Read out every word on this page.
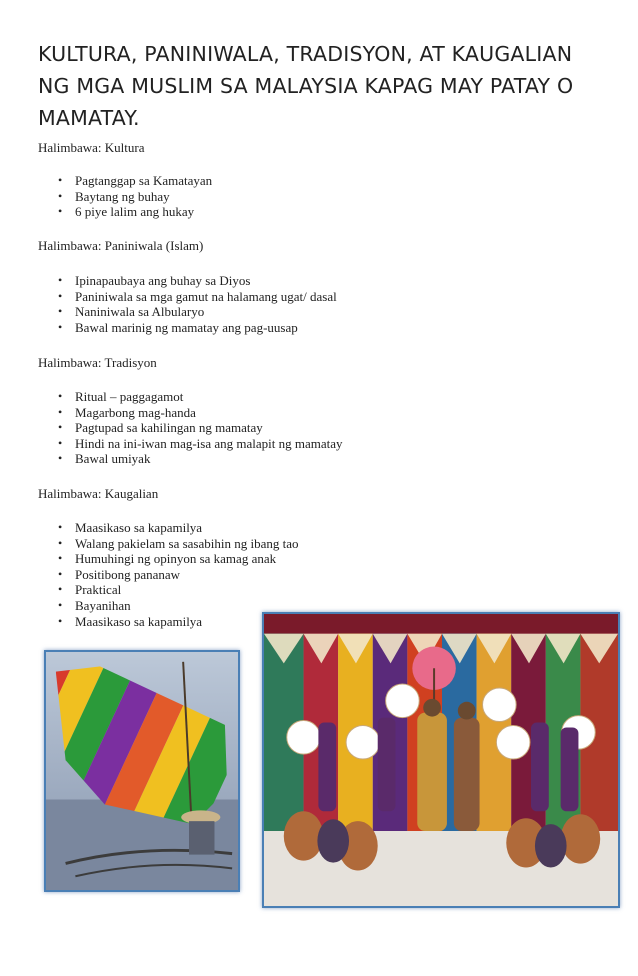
KULTURA, PANINIWALA, TRADISYON, AT KAUGALIAN NG MGA MUSLIM SA MALAYSIA KAPAG MAY PATAY O MAMATAY.
Halimbawa: Kultura
• Pagtanggap sa Kamatayan
• Baytang ng buhay
• 6 piye lalim ang hukay
Halimbawa: Paniniwala (Islam)
• Ipinapaubaya ang buhay sa Diyos
• Paniniwala sa mga gamut na halamang ugat/ dasal
• Naniniwala sa Albularyo
• Bawal marinig ng mamatay ang pag-uusap
Halimbawa: Tradisyon
• Ritual – paggagamot
• Magarbong mag-handa
• Pagtupad sa kahilingan ng mamatay
• Hindi na ini-iwan mag-isa ang malapit ng mamatay
• Bawal umiyak
Halimbawa: Kaugalian
• Maasikaso sa kapamilya
• Walang pakielam sa sasabihin ng ibang tao
• Humuhingi ng opinyon sa kamag anak
• Positibong pananaw
• Praktical
• Bayanihan
• Maasikaso sa kapamilya
